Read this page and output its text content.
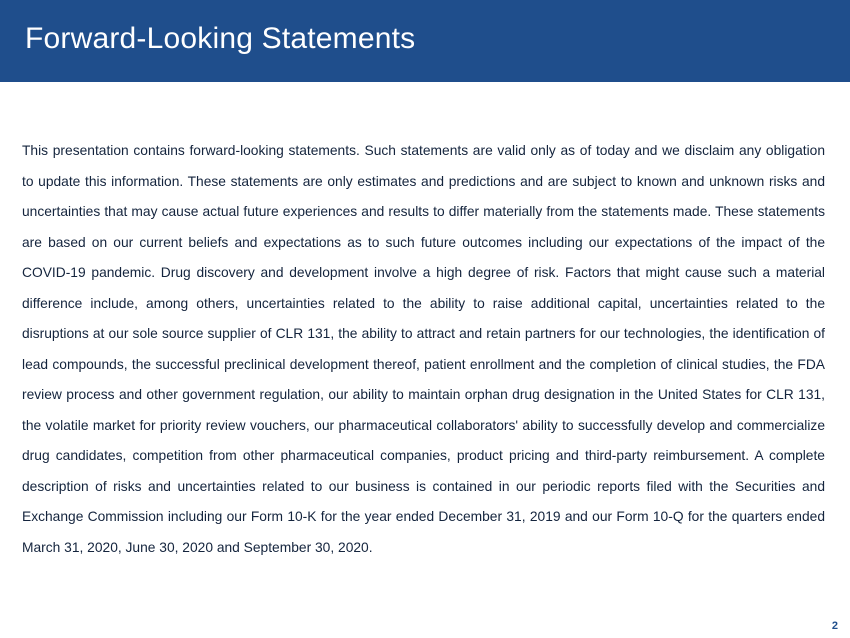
Forward-Looking Statements

This presentation contains forward-looking statements. Such statements are valid only as of today and we disclaim any obligation to update this information. These statements are only estimates and predictions and are subject to known and unknown risks and uncertainties that may cause actual future experiences and results to differ materially from the statements made. These statements are based on our current beliefs and expectations as to such future outcomes including our expectations of the impact of the COVID-19 pandemic. Drug discovery and development involve a high degree of risk. Factors that might cause such a material difference include, among others, uncertainties related to the ability to raise additional capital, uncertainties related to the disruptions at our sole source supplier of CLR 131, the ability to attract and retain partners for our technologies, the identification of lead compounds, the successful preclinical development thereof, patient enrollment and the completion of clinical studies, the FDA review process and other government regulation, our ability to maintain orphan drug designation in the United States for CLR 131, the volatile market for priority review vouchers, our pharmaceutical collaborators' ability to successfully develop and commercialize drug candidates, competition from other pharmaceutical companies, product pricing and third-party reimbursement. A complete description of risks and uncertainties related to our business is contained in our periodic reports filed with the Securities and Exchange Commission including our Form 10-K for the year ended December 31, 2019 and our Form 10-Q for the quarters ended March 31, 2020, June 30, 2020 and September 30, 2020.

2
